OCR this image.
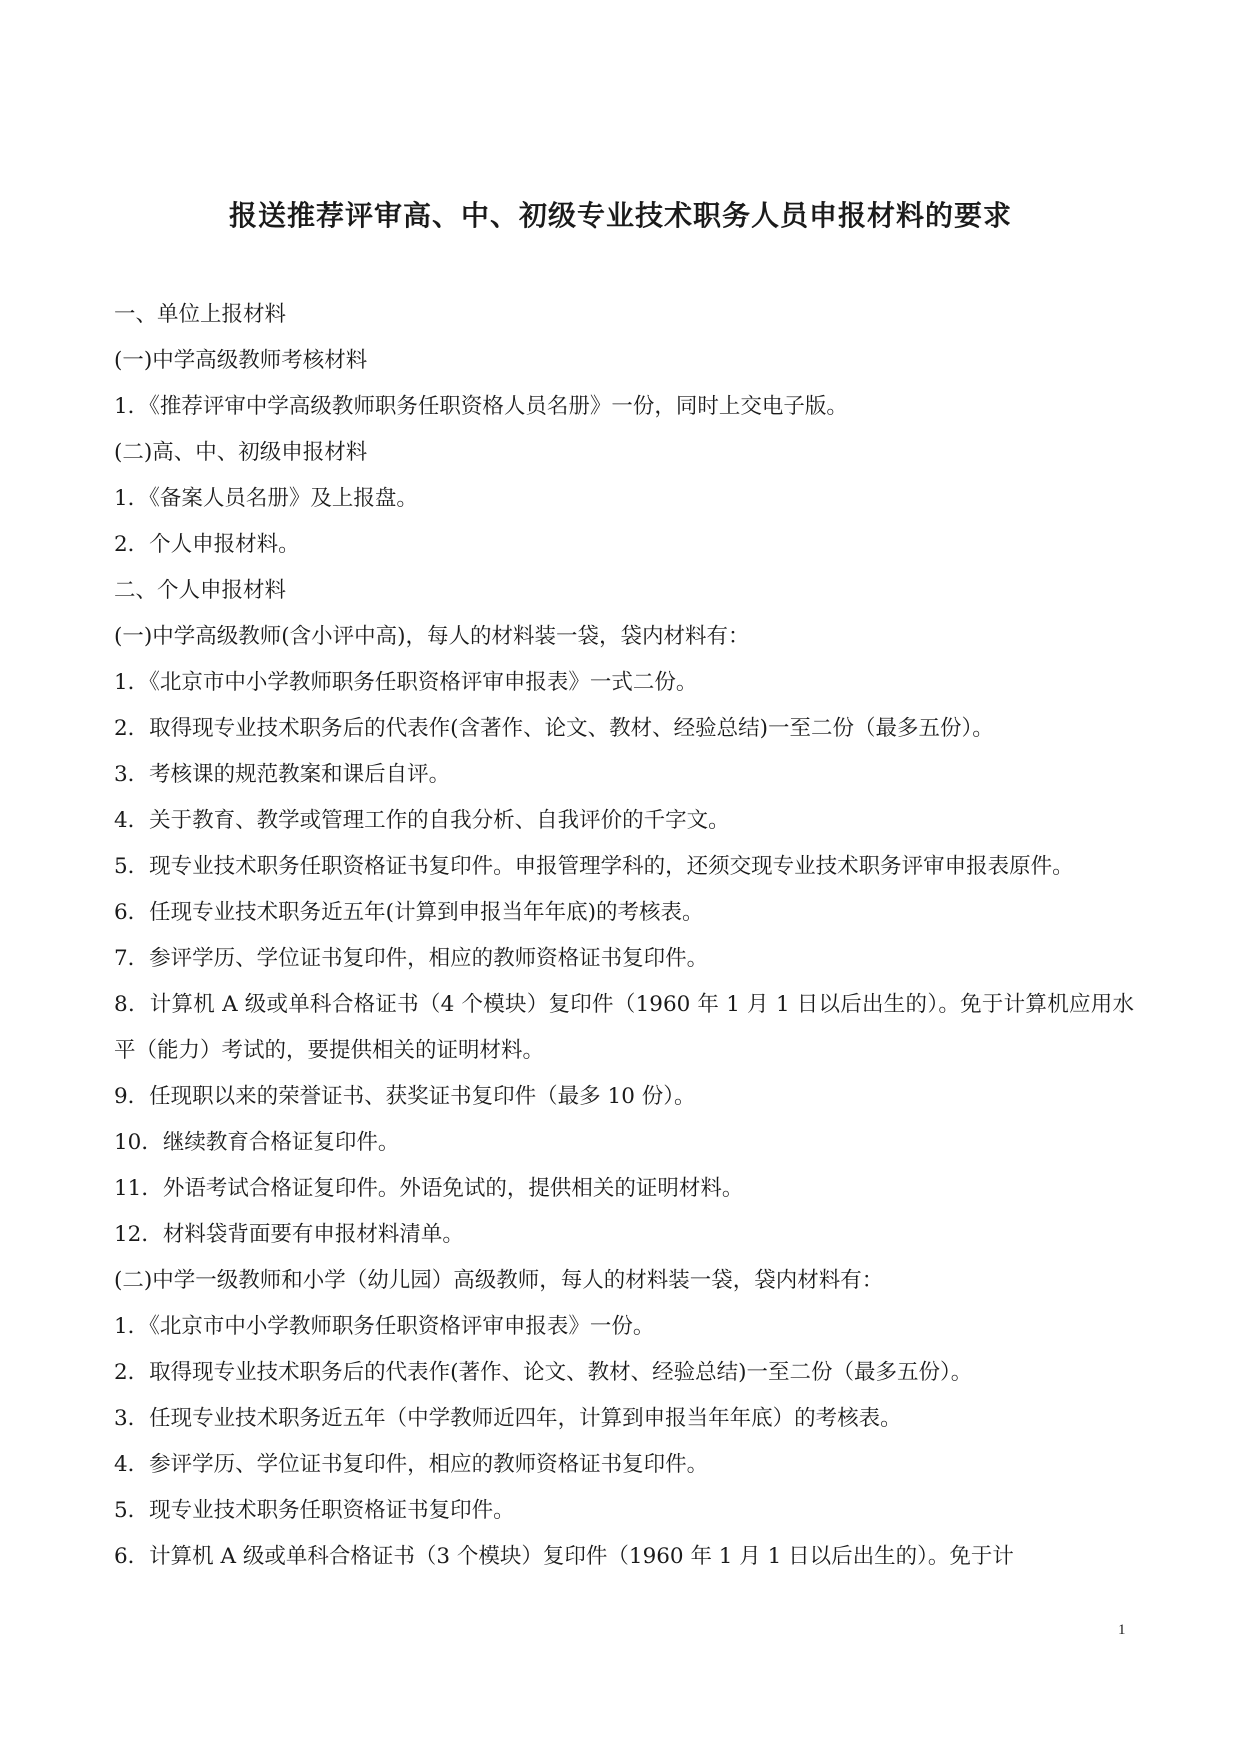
报送推荐评审高、中、初级专业技术职务人员申报材料的要求

一、单位上报材料

(一)中学高级教师考核材料

1．《推荐评审中学高级教师职务任职资格人员名册》一份，同时上交电子版。

(二)高、中、初级申报材料

1．《备案人员名册》及上报盘。

2．个人申报材料。

二、个人申报材料

(一)中学高级教师(含小评中高)，每人的材料装一袋，袋内材料有：

1．《北京市中小学教师职务任职资格评审申报表》一式二份。

2．取得现专业技术职务后的代表作(含著作、论文、教材、经验总结)一至二份（最多五份）。

3．考核课的规范教案和课后自评。

4．关于教育、教学或管理工作的自我分析、自我评价的千字文。

5．现专业技术职务任职资格证书复印件。申报管理学科的，还须交现专业技术职务评审申报表原件。

6．任现专业技术职务近五年(计算到申报当年年底)的考核表。

7．参评学历、学位证书复印件，相应的教师资格证书复印件。

8．计算机 A 级或单科合格证书（4 个模块）复印件（1960 年 1 月 1 日以后出生的）。免于计算机应用水平（能力）考试的，要提供相关的证明材料。

9．任现职以来的荣誉证书、获奖证书复印件（最多 10 份）。

10．继续教育合格证复印件。

11．外语考试合格证复印件。外语免试的，提供相关的证明材料。

12．材料袋背面要有申报材料清单。

(二)中学一级教师和小学（幼儿园）高级教师，每人的材料装一袋，袋内材料有：

1．《北京市中小学教师职务任职资格评审申报表》一份。

2．取得现专业技术职务后的代表作(著作、论文、教材、经验总结)一至二份（最多五份）。

3．任现专业技术职务近五年（中学教师近四年，计算到申报当年年底）的考核表。

4．参评学历、学位证书复印件，相应的教师资格证书复印件。

5．现专业技术职务任职资格证书复印件。

6．计算机 A 级或单科合格证书（3 个模块）复印件（1960 年 1 月 1 日以后出生的）。免于计

1
